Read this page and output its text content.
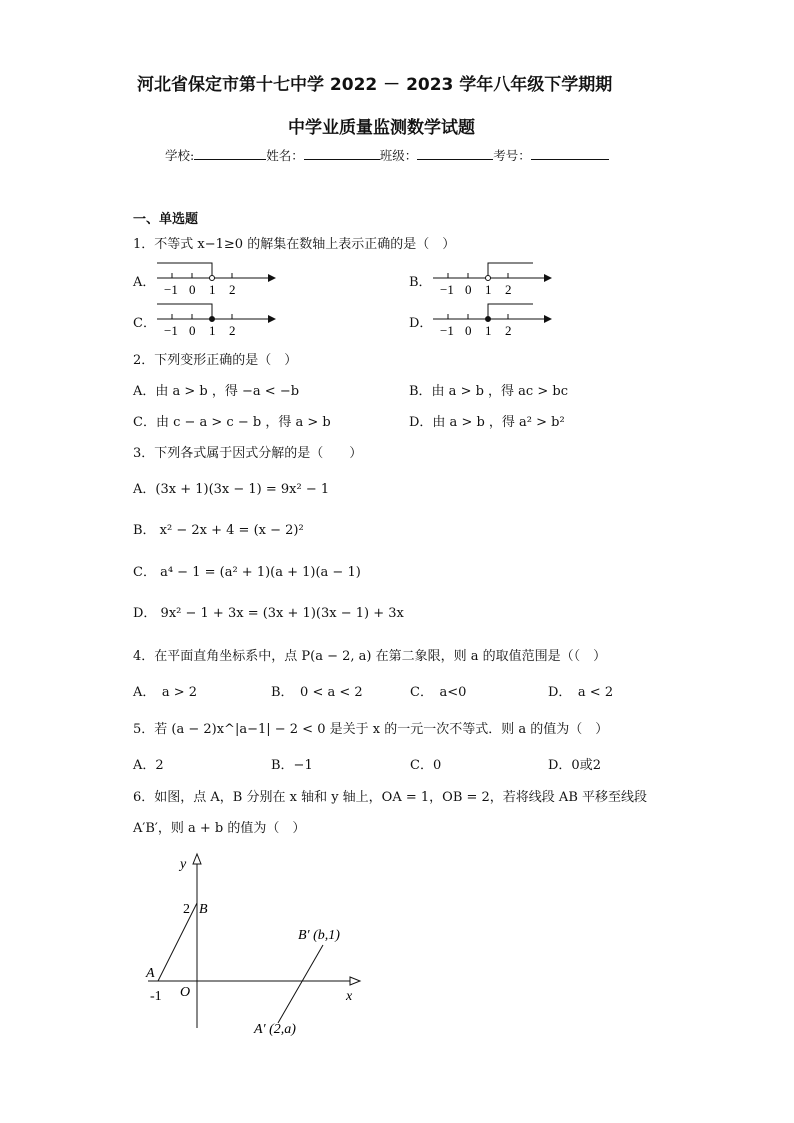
河北省保定市第十七中学 2022 － 2023 学年八年级下学期期
中学业质量监测数学试题
学校:	姓名：	班级：	考号：
一、单选题
1．不等式 x−1≥0 的解集在数轴上表示正确的是（　）
A．	B．
C．	D．
−1 0 1 2	−1 0 1 2
−1 0 1 2	−1 0 1 2
2．下列变形正确的是（　）
A．由 a > b ，得 −a < −b	B．由 a > b ，得 ac > bc
C．由 c − a > c − b ，得 a > b	D．由 a > b ，得 a² > b²
3．下列各式属于因式分解的是（　　）
A．(3x + 1)(3x − 1) = 9x² − 1
B． x² − 2x + 4 = (x − 2)²
C． a⁴ − 1 = (a² + 1)(a + 1)(a − 1)
D． 9x² − 1 + 3x = (3x + 1)(3x − 1) + 3x
4．在平面直角坐标系中，点 P(a − 2, a) 在第二象限，则 a 的取值范围是（（　）
A．　a > 2	B．　0 < a < 2	C．　a<0	D．　a < 2
5．若 (a − 2)x^|a−1| − 2 < 0 是关于 x 的一元一次不等式．则 a 的值为（　）
A．2	B．−1	C．0	D．0或2
6．如图，点 A，B 分别在 x 轴和 y 轴上，OA = 1，OB = 2，若将线段 AB 平移至线段
A′B′，则 a + b 的值为（　）
y
x
O
A
-1
2 B
B′ (b,1)
A′ (2,a)
